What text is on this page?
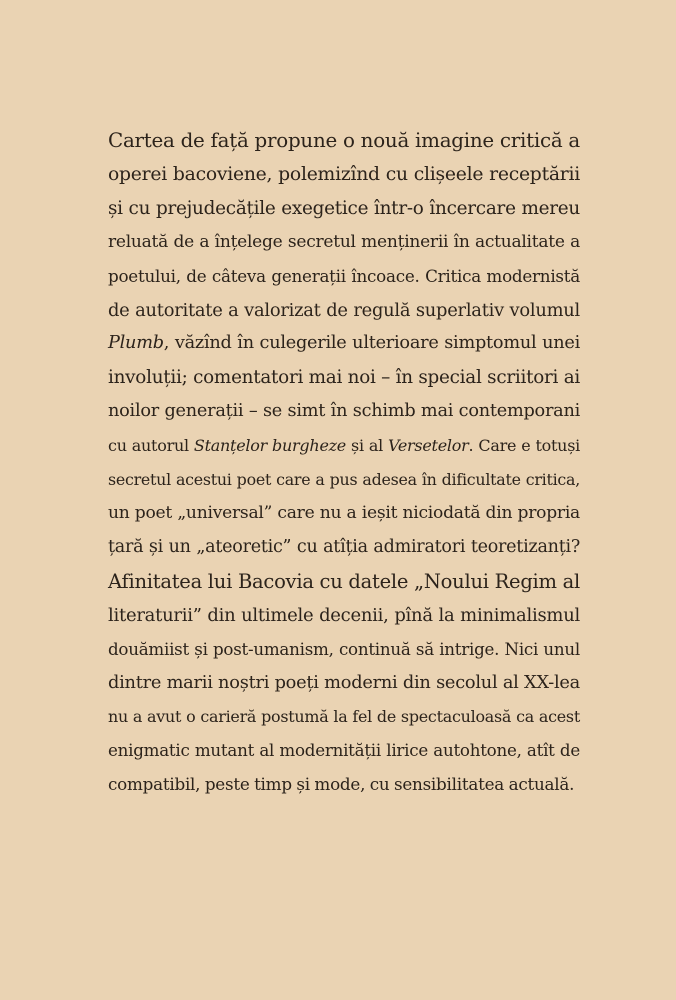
Cartea de față propune o nouă imagine critică a
operei bacoviene, polemizînd cu clișeele receptării
și cu prejudecățile exegetice într-o încercare mereu
reluată de a înțelege secretul menținerii în actualitate a
poetului, de câteva generații încoace. Critica modernistă
de autoritate a valorizat de regulă superlativ volumul
Plumb, văzînd în culegerile ulterioare simptomul unei
involuții; comentatori mai noi – în special scriitori ai
noilor generații – se simt în schimb mai contemporani
cu autorul Stanțelor burgheze și al Versetelor. Care e totuși
secretul acestui poet care a pus adesea în dificultate critica,
un poet „universal” care nu a ieșit niciodată din propria
țară și un „ateoretic” cu atîția admiratori teoretizanți?
Afinitatea lui Bacovia cu datele „Noului Regim al
literaturii” din ultimele decenii, pînă la minimalismul
douămiist și post-umanism, continuă să intrige. Nici unul
dintre marii noștri poeți moderni din secolul al XX-lea
nu a avut o carieră postumă la fel de spectaculoasă ca acest
enigmatic mutant al modernității lirice autohtone, atît de
compatibil, peste timp și mode, cu sensibilitatea actuală.
